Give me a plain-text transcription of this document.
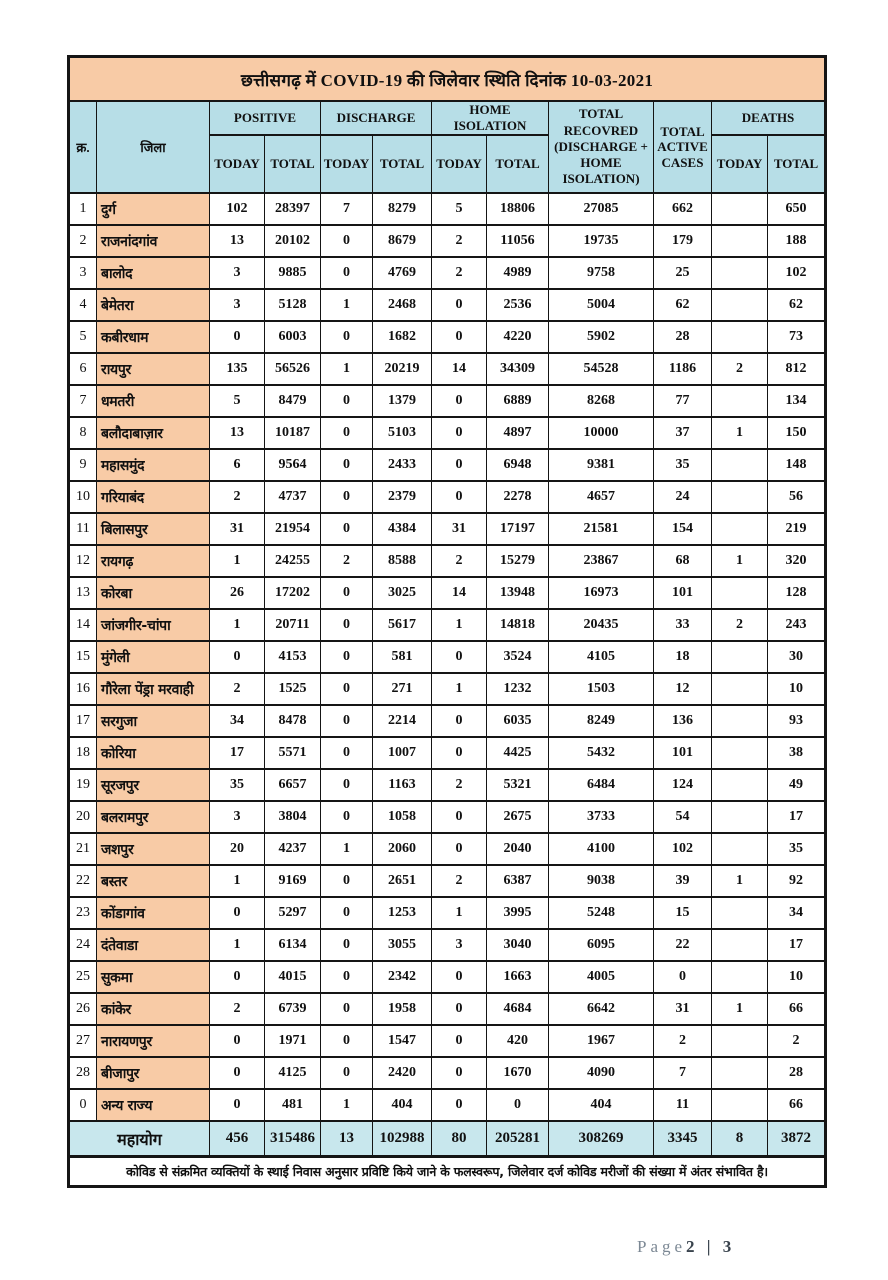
छत्तीसगढ़ में COVID-19 की जिलेवार स्थिति दिनांक 10-03-2021											
क्र.	जिला	POSITIVE		DISCHARGE		HOME ISOLATION		TOTAL
RECOVRED
(DISCHARGE +
HOME ISOLATION)	TOTAL
ACTIVE
CASES	DEATHS	
		TODAY	TOTAL	TODAY	TOTAL	TODAY	TOTAL			TODAY	TOTAL
1	दुर्ग	102	28397	7	8279	5	18806	27085	662		650
2	राजनांदगांव	13	20102	0	8679	2	11056	19735	179		188
3	बालोद	3	9885	0	4769	2	4989	9758	25		102
4	बेमेतरा	3	5128	1	2468	0	2536	5004	62		62
5	कबीरधाम	0	6003	0	1682	0	4220	5902	28		73
6	रायपुर	135	56526	1	20219	14	34309	54528	1186	2	812
7	धमतरी	5	8479	0	1379	0	6889	8268	77		134
8	बलौदाबाज़ार	13	10187	0	5103	0	4897	10000	37	1	150
9	महासमुंद	6	9564	0	2433	0	6948	9381	35		148
10	गरियाबंद	2	4737	0	2379	0	2278	4657	24		56
11	बिलासपुर	31	21954	0	4384	31	17197	21581	154		219
12	रायगढ़	1	24255	2	8588	2	15279	23867	68	1	320
13	कोरबा	26	17202	0	3025	14	13948	16973	101		128
14	जांजगीर-चांपा	1	20711	0	5617	1	14818	20435	33	2	243
15	मुंगेली	0	4153	0	581	0	3524	4105	18		30
16	गौरेला पेंड्रा मरवाही	2	1525	0	271	1	1232	1503	12		10
17	सरगुजा	34	8478	0	2214	0	6035	8249	136		93
18	कोरिया	17	5571	0	1007	0	4425	5432	101		38
19	सूरजपुर	35	6657	0	1163	2	5321	6484	124		49
20	बलरामपुर	3	3804	0	1058	0	2675	3733	54		17
21	जशपुर	20	4237	1	2060	0	2040	4100	102		35
22	बस्तर	1	9169	0	2651	2	6387	9038	39	1	92
23	कोंडागांव	0	5297	0	1253	1	3995	5248	15		34
24	दंतेवाडा	1	6134	0	3055	3	3040	6095	22		17
25	सुकमा	0	4015	0	2342	0	1663	4005	0		10
26	कांकेर	2	6739	0	1958	0	4684	6642	31	1	66
27	नारायणपुर	0	1971	0	1547	0	420	1967	2		2
28	बीजापुर	0	4125	0	2420	0	1670	4090	7		28
0	अन्य राज्य	0	481	1	404	0	0	404	11		66
महायोग		456	315486	13	102988	80	205281	308269	3345	8	3872
कोविड से संक्रमित व्यक्तियों के स्थाई निवास अनुसार प्रविष्टि किये जाने के फलस्वरूप, जिलेवार दर्ज कोविड मरीजों की संख्या में अंतर संभावित है।											
Page2 | 3
